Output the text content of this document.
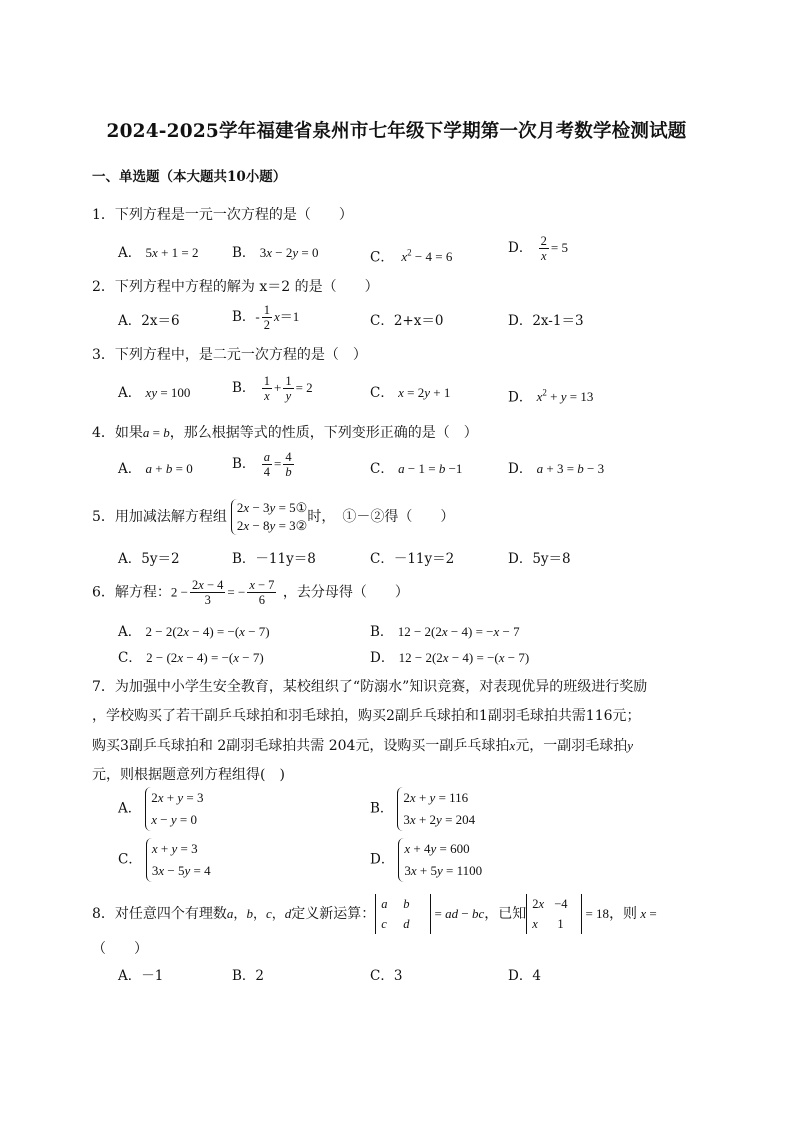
2024-2025学年福建省泉州市七年级下学期第一次月考数学检测试题
一、单选题（本大题共10小题）
1．下列方程是一元一次方程的是（　　）
A． 5x + 1 = 2 B． 3x − 2y = 0	C． $x^2 - 4 = 6$
D． $\frac{2}{x} = 5$
2．下列方程中方程的解为 x＝2 的是（　　）
A．2x＝6	B．- $\frac{1}{2} x=1$	C．2+x＝0	D．2x-1＝3
3．下列方程中，是二元一次方程的是（　）
A． xy = 100	B． $\frac{1}{x} + \frac{1}{y} = 2$	C． x = 2y + 1	D． $x^2 + y = 13$
4．如果a = b，那么根据等式的性质，下列变形正确的是（　）
A． a + b = 0	B． $\frac{a}{4} = \frac{4}{b}$	C． a − 1 = b −1	D． a + 3 = b − 3
5．用加减法解方程组2x − 3y = 5①
2x − 8y = 3②时，　①－②得（　　）
A．5y＝2	B．－11y＝8	C．－11y＝2	D．5y＝8
6．解方程：$2 - \frac{2x - 4}{3}$ = − $\frac{x - 7}{6}$ ，去分母得（　　）
A． 2 − 2(2x − 4) = −(x − 7)	B． 12 − 2(2x − 4) = −x − 7
C． 2 − (2x − 4) = −(x − 7)	D． 12 − 2(2x − 4) = −(x − 7)
7．为加强中小学生安全教育，某校组织了“防溺水”知识竞赛，对表现优异的班级进行奖励
，学校购买了若干副乒乓球拍和羽毛球拍，购买2副乒乓球拍和1副羽毛球拍共需116元；
购买3副乒乓球拍和 2副羽毛球拍共需 204元，设购买一副乒乓球拍x元，一副羽毛球拍y
元，则根据题意列方程组得(　)
A．2x + y = 3
x − y = 0
B．2x + y = 116
3x + 2y = 204
C．x + y = 3
3x − 5y = 4
D．x + 4y = 600
3x + 5y = 1100
8．对任意四个有理数a，b，c，d定义新运算：a b
c d = ad − bc，已知2x −4
x 1 = 18，则 x =
（　　）
A．－1	B．2	C．3	D．4
